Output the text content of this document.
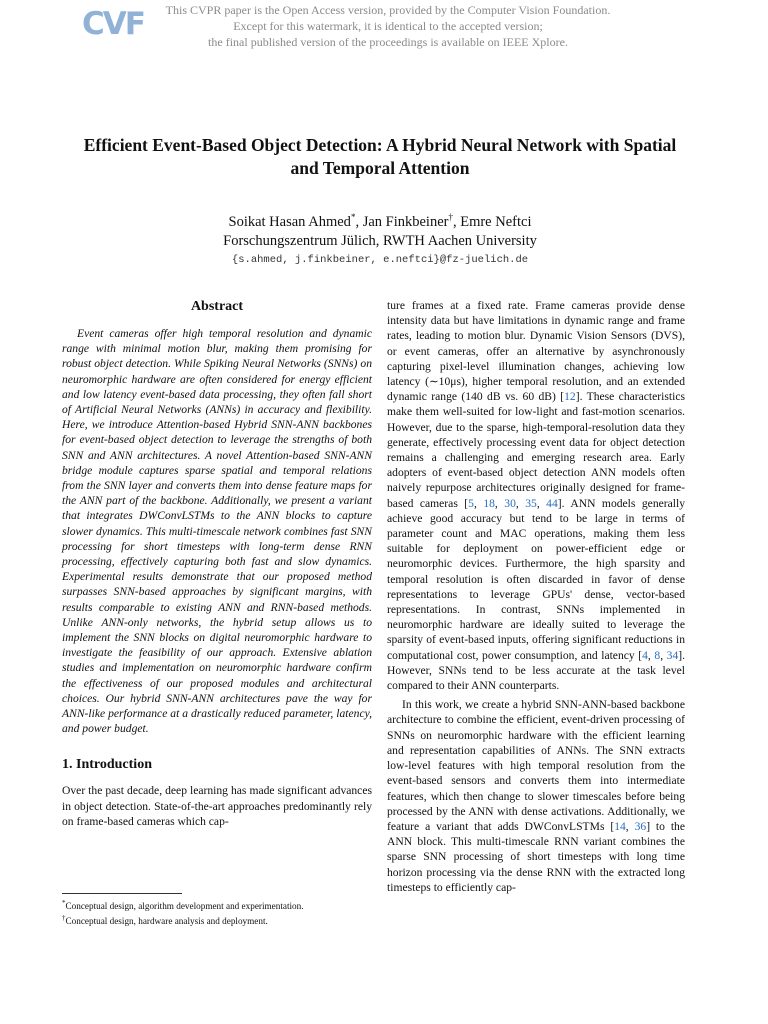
CVF	This CVPR paper is the Open Access version, provided by the Computer Vision Foundation.
Except for this watermark, it is identical to the accepted version;
the final published version of the proceedings is available on IEEE Xplore.
Efficient Event-Based Object Detection: A Hybrid Neural Network with Spatial
and Temporal Attention
Soikat Hasan Ahmed*, Jan Finkbeiner†, Emre Neftci
Forschungszentrum Jülich, RWTH Aachen University
{s.ahmed, j.finkbeiner, e.neftci}@fz-juelich.de
Abstract

Event cameras offer high temporal resolution and dynamic range with minimal motion blur, making them promising for robust object detection. While Spiking Neural Networks (SNNs) on neuromorphic hardware are often considered for energy efficient and low latency event-based data processing, they often fall short of Artificial Neural Networks (ANNs) in accuracy and flexibility. Here, we introduce Attention-based Hybrid SNN-ANN backbones for event-based object detection to leverage the strengths of both SNN and ANN architectures. A novel Attention-based SNN-ANN bridge module captures sparse spatial and temporal relations from the SNN layer and converts them into dense feature maps for the ANN part of the backbone. Additionally, we present a variant that integrates DWConvLSTMs to the ANN blocks to capture slower dynamics. This multi-timescale network combines fast SNN processing for short timesteps with long-term dense RNN processing, effectively capturing both fast and slow dynamics. Experimental results demonstrate that our proposed method surpasses SNN-based approaches by significant margins, with results comparable to existing ANN and RNN-based methods. Unlike ANN-only networks, the hybrid setup allows us to implement the SNN blocks on digital neuromorphic hardware to investigate the feasibility of our approach. Extensive ablation studies and implementation on neuromorphic hardware confirm the effectiveness of our proposed modules and architectural choices. Our hybrid SNN-ANN architectures pave the way for ANN-like performance at a drastically reduced parameter, latency, and power budget.

1. Introduction

Over the past decade, deep learning has made significant advances in object detection. State-of-the-art approaches predominantly rely on frame-based cameras which cap-

*Conceptual design, algorithm development and experimentation.
†Conceptual design, hardware analysis and deployment.

ture frames at a fixed rate. Frame cameras provide dense intensity data but have limitations in dynamic range and frame rates, leading to motion blur. Dynamic Vision Sensors (DVS), or event cameras, offer an alternative by asynchronously capturing pixel-level illumination changes, achieving low latency (∼10μs), higher temporal resolution, and an extended dynamic range (140 dB vs. 60 dB) [12]. These characteristics make them well-suited for low-light and fast-motion scenarios. However, due to the sparse, high-temporal-resolution data they generate, effectively processing event data for object detection remains a challenging and emerging research area. Early adopters of event-based object detection ANN models often naively repurpose architectures originally designed for frame-based cameras [5, 18, 30, 35, 44]. ANN models generally achieve good accuracy but tend to be large in terms of parameter count and MAC operations, making them less suitable for deployment on power-efficient edge or neuromorphic devices. Furthermore, the high sparsity and temporal resolution is often discarded in favor of dense representations to leverage GPUs' dense, vector-based representations. In contrast, SNNs implemented in neuromorphic hardware are ideally suited to leverage the sparsity of event-based inputs, offering significant reductions in computational cost, power consumption, and latency [4, 8, 34]. However, SNNs tend to be less accurate at the task level compared to their ANN counterparts.

In this work, we create a hybrid SNN-ANN-based backbone architecture to combine the efficient, event-driven processing of SNNs on neuromorphic hardware with the efficient learning and representation capabilities of ANNs. The SNN extracts low-level features with high temporal resolution from the event-based sensors and converts them into intermediate features, which then change to slower timescales before being processed by the ANN with dense activations. Additionally, we feature a variant that adds DWConvLSTMs [14, 36] to the ANN block. This multi-timescale RNN variant combines the sparse SNN processing of short timesteps with long time horizon processing via the dense RNN with the extracted long timesteps to efficiently cap-
